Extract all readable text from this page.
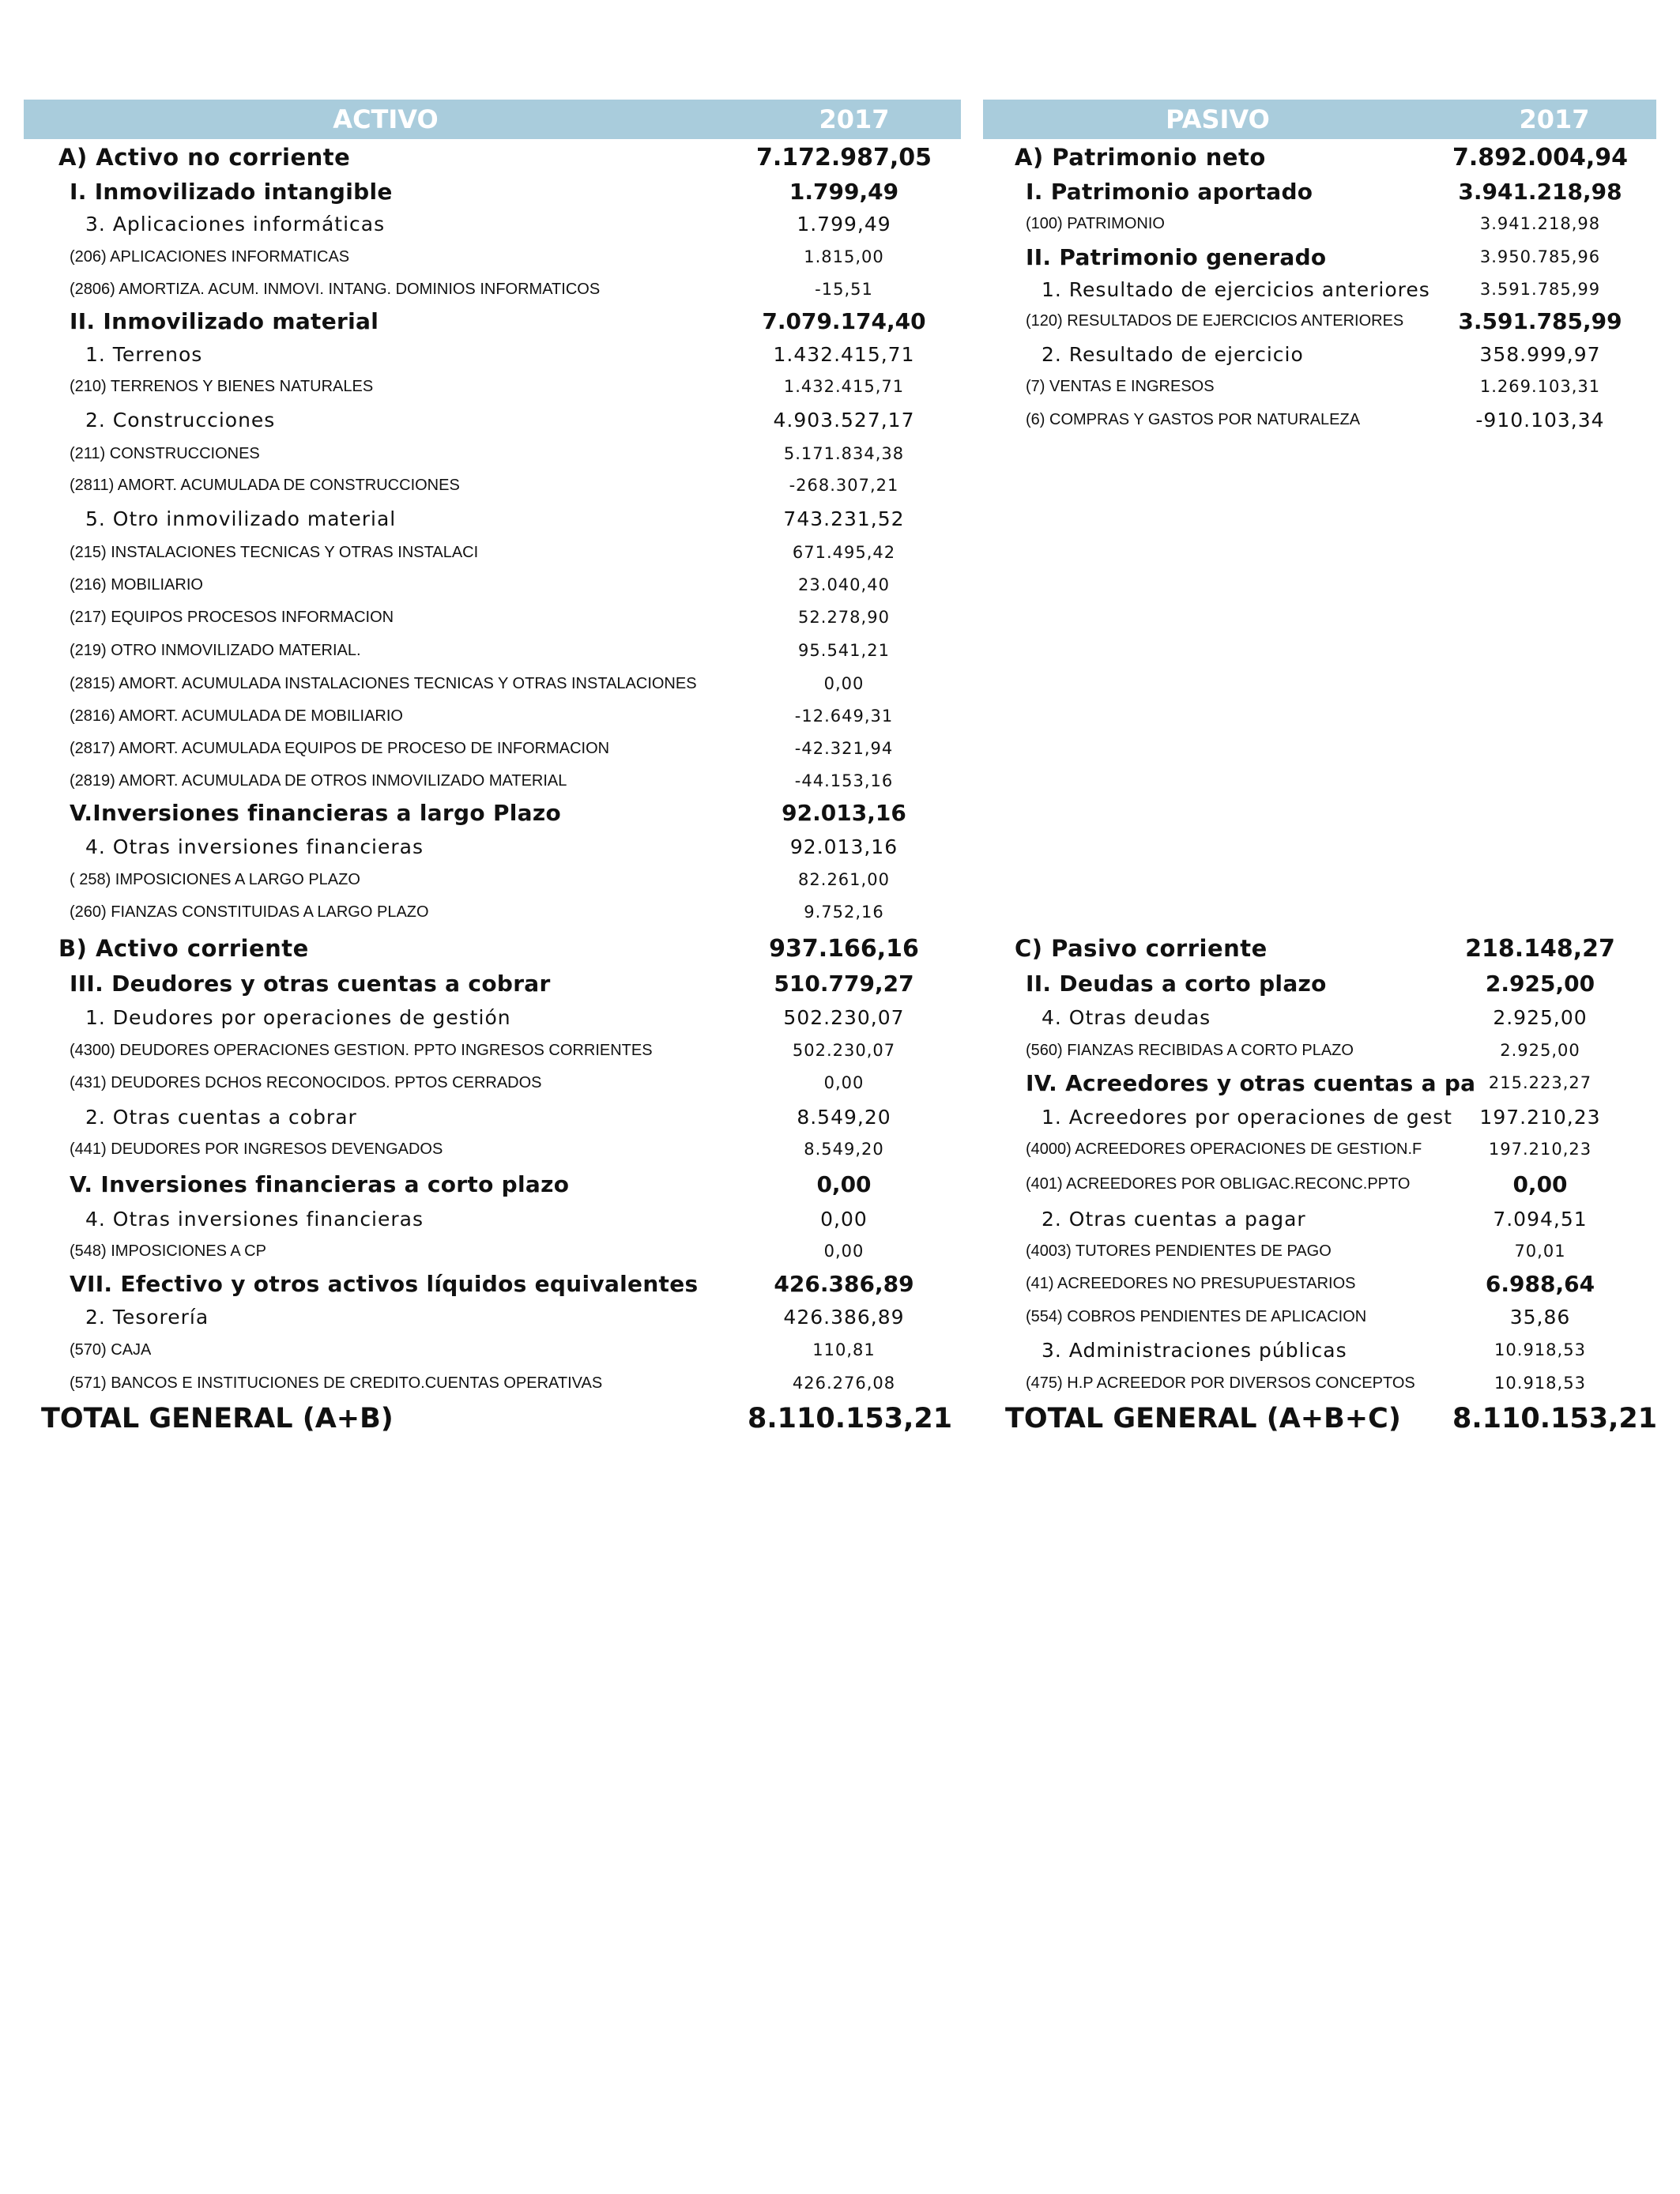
ACTIVO	2017
A) Activo no corriente	7.172.987,05
I. Inmovilizado intangible	1.799,49
3. Aplicaciones informáticas	1.799,49
(206) APLICACIONES INFORMATICAS	1.815,00
(2806) AMORTIZA. ACUM. INMOVI. INTANG. DOMINIOS INFORMATICOS	-15,51
II. Inmovilizado material	7.079.174,40
1. Terrenos	1.432.415,71
(210) TERRENOS Y BIENES NATURALES	1.432.415,71
2. Construcciones	4.903.527,17
(211) CONSTRUCCIONES	5.171.834,38
(2811) AMORT. ACUMULADA DE CONSTRUCCIONES	-268.307,21
5. Otro inmovilizado material	743.231,52
(215) INSTALACIONES TECNICAS Y OTRAS INSTALACI	671.495,42
(216) MOBILIARIO	23.040,40
(217) EQUIPOS PROCESOS INFORMACION	52.278,90
(219) OTRO INMOVILIZADO MATERIAL.	95.541,21
(2815) AMORT. ACUMULADA INSTALACIONES TECNICAS Y OTRAS INSTALACIONES	0,00
(2816) AMORT. ACUMULADA DE MOBILIARIO	-12.649,31
(2817) AMORT. ACUMULADA EQUIPOS DE PROCESO DE INFORMACION	-42.321,94
(2819) AMORT. ACUMULADA DE OTROS INMOVILIZADO MATERIAL	-44.153,16
V.Inversiones financieras a largo Plazo	92.013,16
4. Otras inversiones financieras	92.013,16
( 258) IMPOSICIONES A LARGO PLAZO	82.261,00
(260) FIANZAS CONSTITUIDAS A LARGO PLAZO	9.752,16
B) Activo corriente	937.166,16
III. Deudores y otras cuentas a cobrar	510.779,27
1. Deudores por operaciones de gestión	502.230,07
(4300) DEUDORES OPERACIONES GESTION. PPTO INGRESOS CORRIENTES	502.230,07
(431) DEUDORES DCHOS RECONOCIDOS. PPTOS CERRADOS	0,00
2. Otras cuentas a cobrar	8.549,20
(441) DEUDORES POR INGRESOS DEVENGADOS	8.549,20
V. Inversiones financieras a corto plazo	0,00
4. Otras inversiones financieras	0,00
(548) IMPOSICIONES A CP	0,00
VII. Efectivo y otros activos líquidos equivalentes	426.386,89
2. Tesorería	426.386,89
(570) CAJA	110,81
(571) BANCOS E INSTITUCIONES DE CREDITO.CUENTAS OPERATIVAS	426.276,08
TOTAL GENERAL (A+B)	8.110.153,21
PASIVO	2017
A) Patrimonio neto	7.892.004,94
I. Patrimonio aportado	3.941.218,98
(100) PATRIMONIO	3.941.218,98
II. Patrimonio generado	3.950.785,96
1. Resultado de ejercicios anteriores	3.591.785,99
(120) RESULTADOS DE EJERCICIOS ANTERIORES 3.591.785,99
2. Resultado de ejercicio	358.999,97
(7) VENTAS E INGRESOS	1.269.103,31
(6) COMPRAS Y GASTOS POR NATURALEZA	-910.103,34
C) Pasivo corriente	218.148,27
II. Deudas a corto plazo	2.925,00
4. Otras deudas	2.925,00
(560) FIANZAS RECIBIDAS A CORTO PLAZO	2.925,00
IV. Acreedores y otras cuentas a pa 215.223,27
1. Acreedores por operaciones de gest	197.210,23
(4000) ACREEDORES OPERACIONES DE GESTION.F	197.210,23
(401) ACREEDORES POR OBLIGAC.RECONC.PPTO	0,00
2. Otras cuentas a pagar	7.094,51
(4003) TUTORES PENDIENTES DE PAGO	70,01
(41) ACREEDORES NO PRESUPUESTARIOS	6.988,64
(554) COBROS PENDIENTES DE APLICACION	35,86
3. Administraciones públicas	10.918,53
(475) H.P ACREEDOR POR DIVERSOS CONCEPTOS	10.918,53
TOTAL GENERAL (A+B+C) 8.110.153,21
